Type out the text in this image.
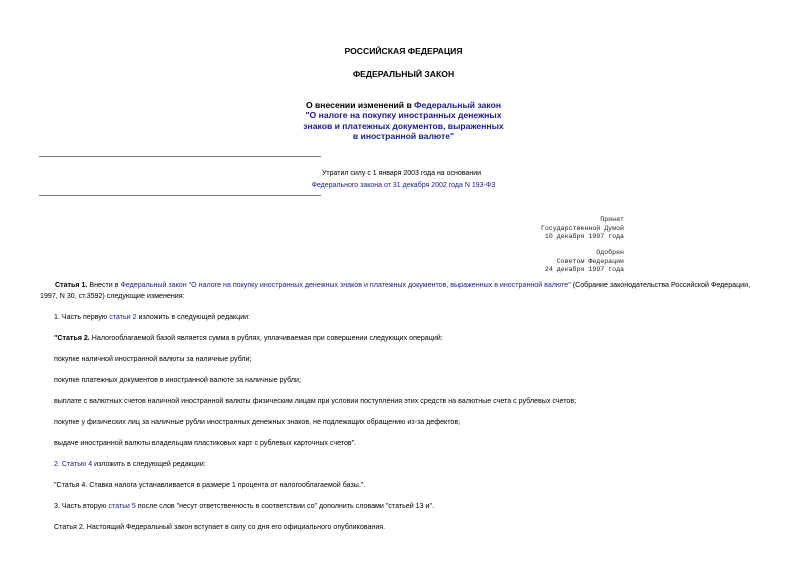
РОССИЙСКАЯ ФЕДЕРАЦИЯ
ФЕДЕРАЛЬНЫЙ ЗАКОН
О внесении изменений в Федеральный закон
"О налоге на покупку иностранных денежных
знаков и платежных документов, выраженных
в иностранной валюте"
Утратил силу с 1 января 2003 года на основании
Федерального закона от 31 декабря 2002 года N 193-ФЗ
Принят
Государственной Думой
10 декабря 1997 года
Одобрен
Советом Федерации
24 декабря 1997 года
Статья 1. Внести в Федеральный закон "О налоге на покупку иностранных денежных знаков и платежных документов, выраженных в иностранной валюте" (Собрание законодательства Российской Федерации, 1997, N 30, ст.3592) следующие изменения:
1. Часть первую статьи 2 изложить в следующей редакции:
"Статья 2. Налогооблагаемой базой является сумма в рублях, уплачиваемая при совершении следующих операций:
покупке наличной иностранной валюты за наличные рубли;
покупке платежных документов в иностранной валюте за наличные рубли;
выплате с валютных счетов наличной иностранной валюты физическим лицам при условии поступления этих средств на валютные счета с рублевых счетов;
покупке у физических лиц за наличные рубли иностранных денежных знаков, не подлежащих обращению из-за дефектов;
выдаче иностранной валюты владельцам пластиковых карт с рублевых карточных счетов".
2. Статью 4 изложить в следующей редакции:
"Статья 4. Ставка налога устанавливается в размере 1 процента от налогооблагаемой базы.".
3. Часть вторую статьи 5 после слов "несут ответственность в соответствии со" дополнить словами "статьей 13 и".
Статья 2. Настоящий Федеральный закон вступает в силу со дня его официального опубликования.
